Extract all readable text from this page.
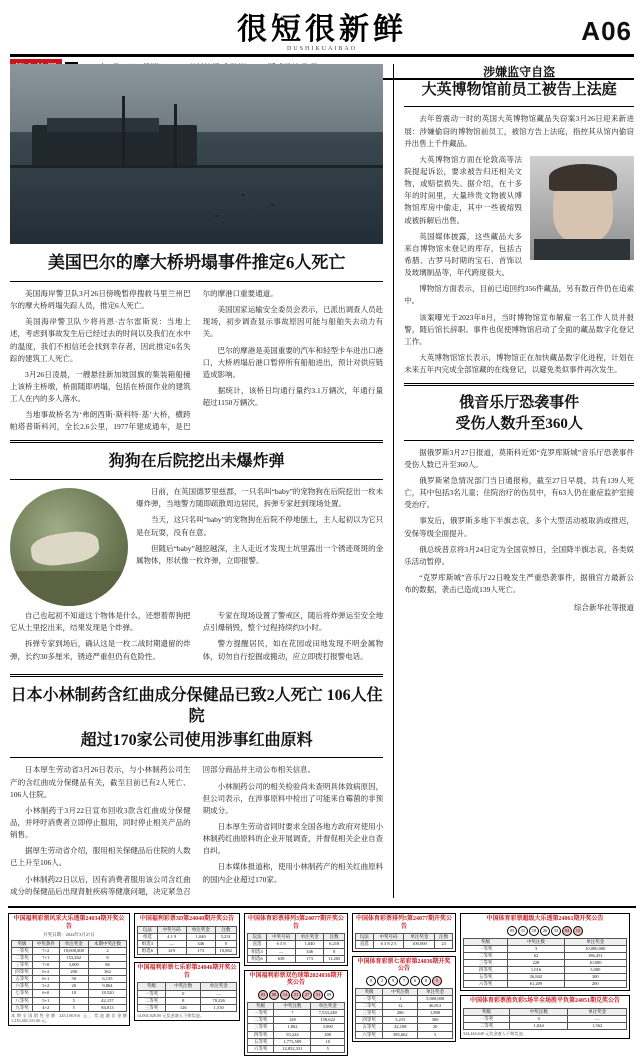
很短很新鲜
DUSHIKUAIBAO
A06
美国巴尔的摩大桥坍塌事件推定6人死亡

美国海岸警卫队3月26日傍晚暂停搜救马里兰州巴尔的摩大桥坍塌失踪人员，推定6人死亡。

美国海岸警卫队少将肖恩·吉尔雷斯说：当地上述，考虑到事故发生后已经过去的时间以及我们在水中的温度，我们不相信还会找到幸存者，因此推定6名失踪的建筑工人死亡。

3月26日凌晨，一艘悬挂新加坡国旗的集装箱船撞上该桥主桥墩，桥面随即坍塌，包括在桥面作业的建筑工人在内的多人落水。

当地事故桥名为‘弗朗西斯·斯科特·基’大桥，横跨帕塔普斯科河，全长2.6公里，1977年建成通车，是巴尔的摩港口重要通道。

美国国家运输安全委员会表示，已派出调查人员赴现场，初步调查显示事故原因可能与船舶失去动力有关。

巴尔的摩港是美国重要的汽车和轻型卡车进出口港口，大桥坍塌后港口暂停所有船舶进出，预计对供应链造成影响。

据统计，该桥日均通行量约3.1万辆次，年通行量超过1150万辆次。

狗狗在后院挖出未爆炸弹

日前，在英国德罗里兹郡，一只名叫“baby”的宠物狗在后院挖出一枚未爆炸弹，当地警方随即疏散周边居民，拆弹专家赶到现场处置。

当天，这只名叫“baby”的宠物狗在后院不停地刨土，主人起初以为它只是在玩耍，没有在意。

但随后“baby”越挖越深，主人走近才发现土坑里露出一个锈迹斑斑的金属物体，形状像一枚炸弹，立即报警。

自己也起初不知道这个物体是什么，还想着帮狗把它从土里挖出来，结果发现是个炸弹。

拆弹专家到场后，确认这是一枚二战时期遗留的炸弹，长约30多厘米，锈迹严重但仍有危险性。

专家在现场设置了警戒区，随后将炸弹运至安全地点引爆销毁，整个过程持续约3小时。

警方提醒居民，如在花园或田地发现不明金属物体，切勿自行挖掘或搬动，应立即拨打报警电话。

日本小林制药含红曲成分保健品已致2人死亡 106人住院
超过170家公司使用涉事红曲原料

日本厚生劳动省3月26日表示，与小林制药公司生产的含红曲成分保健品有关，截至目前已有2人死亡、106人住院。

小林制药于3月22日宣布回收3款含红曲成分保健品，并呼吁消费者立即停止服用，同时停止相关产品的销售。

据厚生劳动省介绍，服用相关保健品后住院的人数已上升至106人。

小林制药22日以后，因有消费者服用该公司含红曲成分的保健品后出现肾脏疾病等健康问题，决定紧急召回部分商品并主动公布相关信息。

小林制药公司的相关检验尚未查明具体致病原因，但公司表示，在涉事原料中检出了可能来自霉菌的非预期成分。

日本厚生劳动省同时要求全国各地方政府对使用小林制药红曲原料的企业开展调查，并督促相关企业自查自纠。

日本媒体报道称，使用小林制药产的相关红曲原料的国内企业超过170家。

涉嫌监守自盗
大英博物馆前员工被告上法庭

去年曾震动一时的英国大英博物馆藏品失窃案3月26日迎来新进展：涉嫌偷窃的博物馆前员工，被馆方告上法庭，指控其从馆内偷窃并出售上千件藏品。

大英博物馆方面在伦敦高等法院提起诉讼，要求被告归还相关文物，或赔偿损失。据介绍，在十多年的时间里，大量珍贵文物被从博物馆库房中偷走，其中一些被熔毁或被拆解后出售。

英国媒体披露，这些藏品大多来自博物馆未登记的库存，包括古希腊、古罗马时期的宝石、首饰以及玻璃制品等，年代跨度很大。

博物馆方面表示，目前已追回约356件藏品，另有数百件仍在追索中。

该案曝光于2023年8月，当时博物馆宣布解雇一名工作人员并报警，随后馆长辞职。事件也促使博物馆启动了全面的藏品数字化登记工作。

大英博物馆馆长表示，博物馆正在加快藏品数字化进程，计划在未来五年内完成全部馆藏的在线登记，以避免类似事件再次发生。

俄音乐厅恐袭事件
受伤人数升至360人

据俄罗斯3月27日报道，莫斯科近郊“克罗库斯城”音乐厅恐袭事件受伤人数已升至360人。

俄罗斯紧急情况部门当日通报称，截至27日早晨，共有139人死亡，其中包括3名儿童；住院治疗的伤员中，有63人仍在重症监护室接受治疗。

事发后，俄罗斯多地下半旗志哀，多个大型活动被取消或推迟，安保等级全面提升。

俄总统普京将3月24日定为全国哀悼日，全国降半旗志哀，各类娱乐活动暂停。

“克罗库斯城”音乐厅22日晚发生严重恐袭事件，据俄官方最新公布的数据，袭击已造成139人死亡。

综合新华社等报道
中国福利彩票风采大乐透第24034期开奖公告
开奖日期：2024年3月27日
奖级	中奖条件	单注奖金	本期中奖注数
一等奖	7+2	10,000,000	2
二等奖	7+1	153,262	8
三等奖	7+0	3,000	86
四等奖	6+2	200	362
五等奖	6+1	50	6,135
六等奖	5+2	20	9,864
七等奖	6+0	10	18,520
八等奖	5+1	5	42,157
九等奖	4+2	5	84,013
本期全国销售金额 245,108,916 元，奖池滚存金额 1,235,482,331.06 元。
中国福利彩票3D第24040期开奖公告
玩法	中奖号码	单注奖金	注数
单选	4 1 9	1,040	5,231
组选3	—	346	0
组选6	419	173	10,862
中国福利彩票七乐彩第24046期开奖公告
奖级	中奖注数	单注奖金
一等奖	0	—
二等奖	8	70,226
三等奖	126	1,530
14,004,028.00 元奖金滚入下期奖池。
中国体育彩票排列3第24077期开奖公告
玩法	中奖号码	单注奖金	注数
直选	6 3 8	1,040	6,218
组选3	—	346	0
组选6	638	173	11,205
中国福利彩票双色球第2024036期开奖公告
03	08	14	21	27	31	09
奖级	中奖注数	单注奖金
一等奖	7	7,533,248
二等奖	128	158,622
三等奖	1,862	3,000
四等奖	93,224	200
五等奖	1,773,509	10
六等奖	12,852,331	5
中国体育彩票排列5第24077期开奖公告
玩法	中奖号码	单注奖金	注数
直选	6 3 8 2 5	100,000	23
中国体育彩票七星彩第24036期开奖公告
0	2	9	7	6	8	5
奖级	中奖注数	单注奖金
一等奖	1	5,000,000
二等奖	12	46,812
三等奖	286	1,800
四等奖	3,215	300
五等奖	42,108	20
六等奖	385,662	5
中国体育彩票超级大乐透第24061期开奖公告
05	11	18	26	33	04	12
奖级	中奖注数	单注奖金
一等奖	3	10,000,000
二等奖	62	186,451
三等奖	228	10,000
四等奖	1,016	3,000
五等奖	26,842	300
六等奖	61,209	200
中国体育彩票胜负彩5场半全场胜平负第24051期兑奖公告
奖级	中奖注数	单注奖金
一等奖	0	—
二等奖	1,044	1,562
324,444,640 元奖金滚入下期奖池。
